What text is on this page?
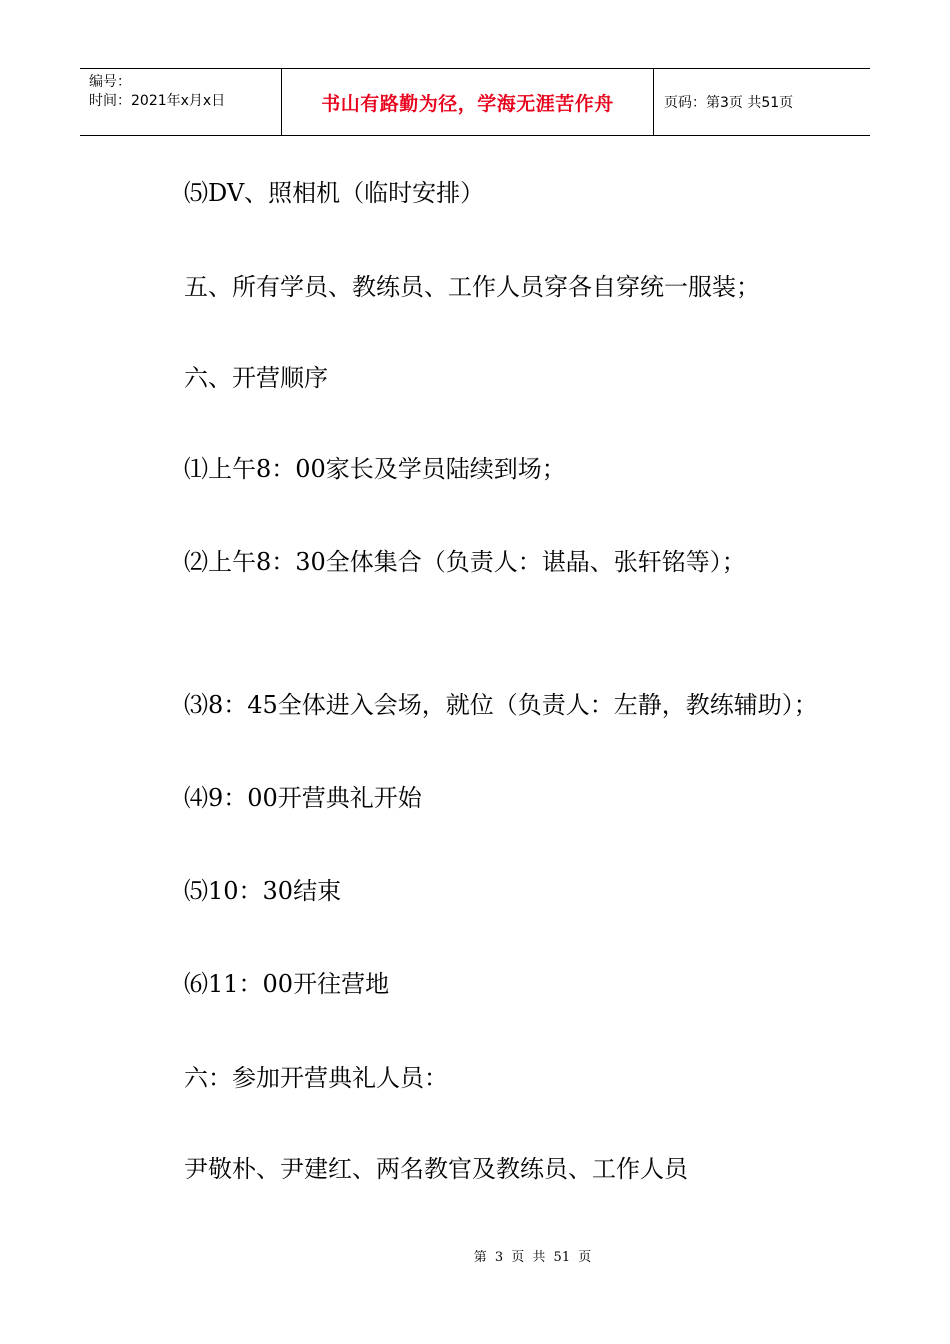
编号：
时间：2021年x月x日	书山有路勤为径，学海无涯苦作舟	页码：第3页 共51页
⑸DV、照相机（临时安排）
五、所有学员、教练员、工作人员穿各自穿统一服装；
六、开营顺序
⑴上午8：00家长及学员陆续到场；
⑵上午8：30全体集合（负责人：谌晶、张轩铭等）；
⑶8：45全体进入会场，就位（负责人：左静，教练辅助）；
⑷9：00开营典礼开始
⑸10：30结束
⑹11：00开往营地
六：参加开营典礼人员：
尹敬朴、尹建红、两名教官及教练员、工作人员
第 3 页 共 51 页
